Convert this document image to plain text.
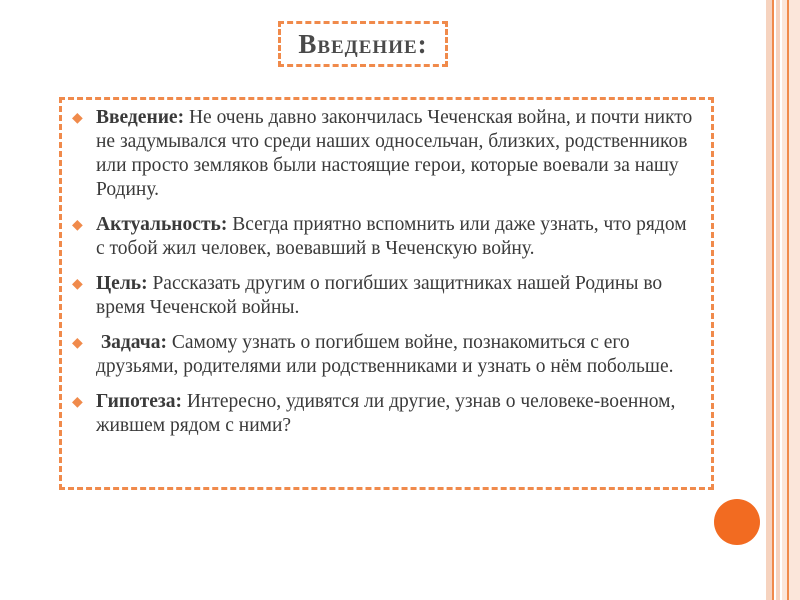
Введение:

◆ Введение: Не очень давно закончилась Чеченская война, и почти никто не задумывался что среди наших односельчан, близких, родственников или просто земляков были настоящие герои, которые воевали за нашу Родину.

◆ Актуальность: Всегда приятно вспомнить или даже узнать, что рядом с тобой жил человек, воевавший в Чеченскую войну.

◆ Цель: Рассказать другим о погибших защитниках нашей Родины во время Чеченской войны.

◆ Задача: Самому узнать о погибшем войне, познакомиться с его друзьями, родителями или родственниками и узнать о нём побольше.

◆ Гипотеза: Интересно, удивятся ли другие, узнав о человеке-военном, жившем рядом с ними?
